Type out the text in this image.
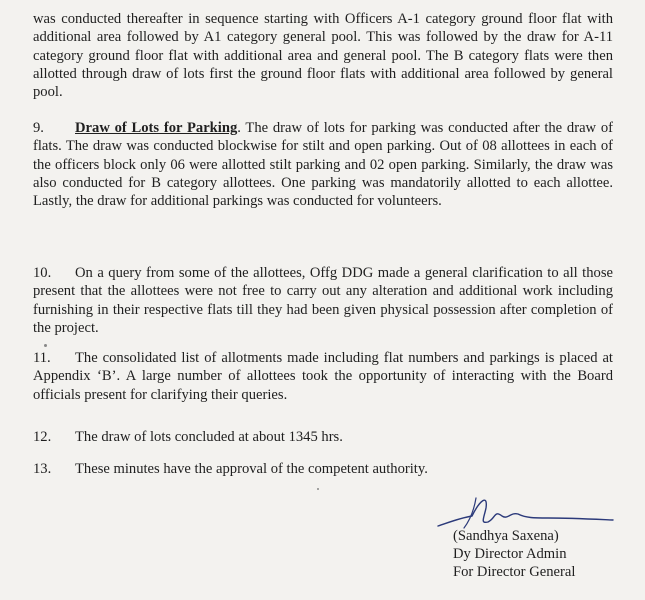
was conducted thereafter in sequence starting with Officers A-1 category ground floor flat with additional area followed by A1 category general pool. This was followed by the draw for A-11 category ground floor flat with additional area and general pool. The B category flats were then allotted through draw of lots first the ground floor flats with additional area followed by general pool.

9. Draw of Lots for Parking. The draw of lots for parking was conducted after the draw of flats. The draw was conducted blockwise for stilt and open parking. Out of 08 allottees in each of the officers block only 06 were allotted stilt parking and 02 open parking. Similarly, the draw was also conducted for B category allottees. One parking was mandatorily allotted to each allottee. Lastly, the draw for additional parkings was conducted for volunteers.

10. On a query from some of the allottees, Offg DDG made a general clarification to all those present that the allottees were not free to carry out any alteration and additional work including furnishing in their respective flats till they had been given physical possession after completion of the project.

11. The consolidated list of allotments made including flat numbers and parkings is placed at Appendix ‘B’. A large number of allottees took the opportunity of interacting with the Board officials present for clarifying their queries.

12. The draw of lots concluded at about 1345 hrs.

13. These minutes have the approval of the competent authority.

(Sandhya Saxena)

Dy Director Admin

For Director General
